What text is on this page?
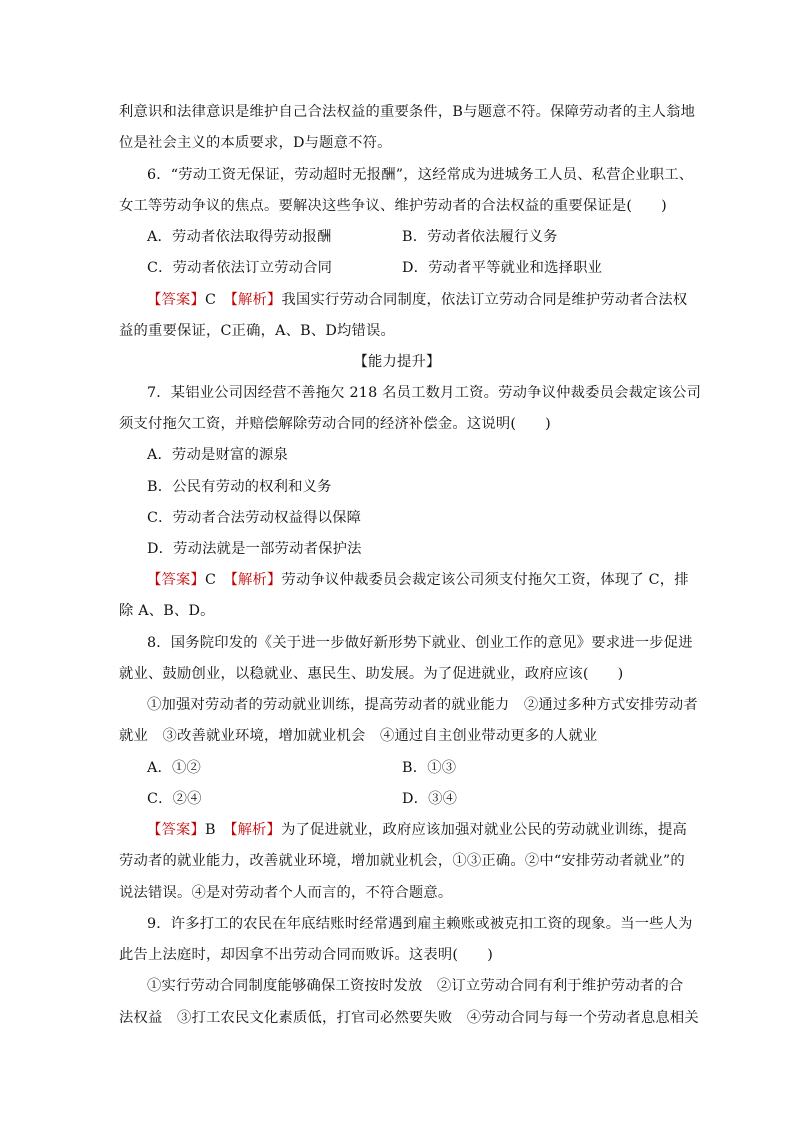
利意识和法律意识是维护自己合法权益的重要条件，B与题意不符。保障劳动者的主人翁地
位是社会主义的本质要求，D与题意不符。
6．“劳动工资无保证，劳动超时无报酬”，这经常成为进城务工人员、私营企业职工、
女工等劳动争议的焦点。要解决这些争议、维护劳动者的合法权益的重要保证是(　　)
A．劳动者依法取得劳动报酬	B．劳动者依法履行义务
C．劳动者依法订立劳动合同	D．劳动者平等就业和选择职业
【答案】C　 【解析】我国实行劳动合同制度，依法订立劳动合同是维护劳动者合法权
益的重要保证，C正确，A、B、D均错误。
【能力提升】
7．某铝业公司因经营不善拖欠 218 名员工数月工资。劳动争议仲裁委员会裁定该公司
须支付拖欠工资，并赔偿解除劳动合同的经济补偿金。这说明(　　)
A．劳动是财富的源泉
B．公民有劳动的权利和义务
C．劳动者合法劳动权益得以保障
D．劳动法就是一部劳动者保护法
【答案】C　 【解析】劳动争议仲裁委员会裁定该公司须支付拖欠工资，体现了 C，排
除 A、B、D。
8．国务院印发的《关于进一步做好新形势下就业、创业工作的意见》要求进一步促进
就业、鼓励创业，以稳就业、惠民生、助发展。为了促进就业，政府应该(　　)
①加强对劳动者的劳动就业训练，提高劳动者的就业能力　②通过多种方式安排劳动者
就业　③改善就业环境，增加就业机会　④通过自主创业带动更多的人就业
A．①②	B．①③
C．②④	D．③④
【答案】B　 【解析】为了促进就业，政府应该加强对就业公民的劳动就业训练，提高
劳动者的就业能力，改善就业环境，增加就业机会，①③正确。②中“安排劳动者就业”的
说法错误。④是对劳动者个人而言的，不符合题意。
9．许多打工的农民在年底结账时经常遇到雇主赖账或被克扣工资的现象。当一些人为
此告上法庭时，却因拿不出劳动合同而败诉。这表明(　　)
①实行劳动合同制度能够确保工资按时发放　②订立劳动合同有利于维护劳动者的合
法权益　③打工农民文化素质低，打官司必然要失败　④劳动合同与每一个劳动者息息相关
